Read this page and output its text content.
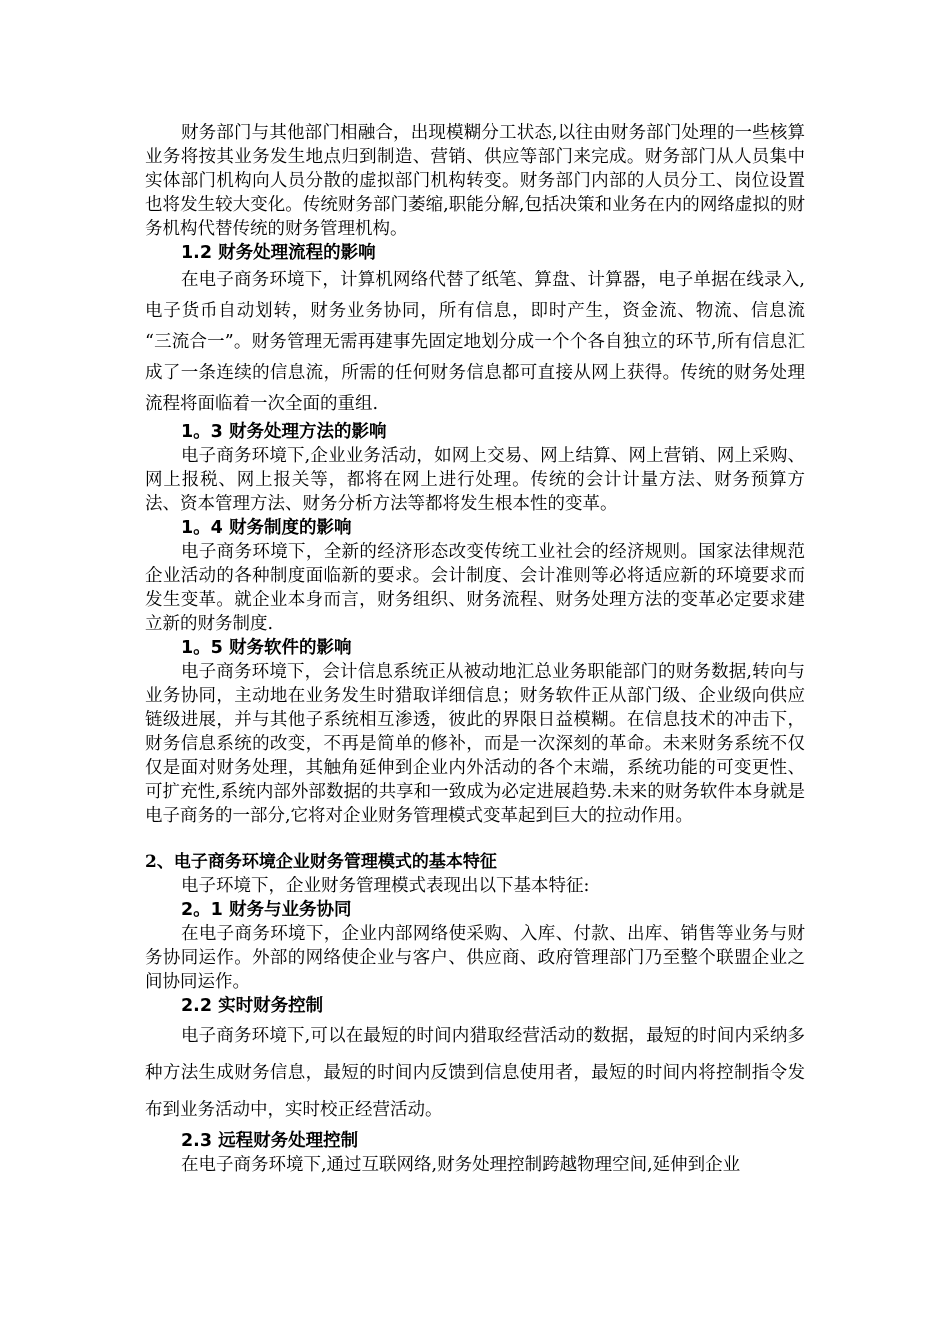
财务部门与其他部门相融合，出现模糊分工状态,以往由财务部门处理的一些核算业务将按其业务发生地点归到制造、营销、供应等部门来完成。财务部门从人员集中实体部门机构向人员分散的虚拟部门机构转变。财务部门内部的人员分工、岗位设置也将发生较大变化。传统财务部门萎缩,职能分解,包括决策和业务在内的网络虚拟的财务机构代替传统的财务管理机构。

1.2 财务处理流程的影响

在电子商务环境下，计算机网络代替了纸笔、算盘、计算器，电子单据在线录入,电子货币自动划转，财务业务协同，所有信息，即时产生，资金流、物流、信息流 “三流合一”。财务管理无需再建事先固定地划分成一个个各自独立的环节,所有信息汇成了一条连续的信息流，所需的任何财务信息都可直接从网上获得。传统的财务处理流程将面临着一次全面的重组.

1。3 财务处理方法的影响

电子商务环境下,企业业务活动，如网上交易、网上结算、网上营销、网上采购、网上报税、网上报关等，都将在网上进行处理。传统的会计计量方法、财务预算方法、资本管理方法、财务分析方法等都将发生根本性的变革。

1。4 财务制度的影响

电子商务环境下，全新的经济形态改变传统工业社会的经济规则。国家法律规范企业活动的各种制度面临新的要求。会计制度、会计准则等必将适应新的环境要求而发生变革。就企业本身而言，财务组织、财务流程、财务处理方法的变革必定要求建立新的财务制度.

1。5 财务软件的影响

电子商务环境下，会计信息系统正从被动地汇总业务职能部门的财务数据,转向与业务协同，主动地在业务发生时猎取详细信息；财务软件正从部门级、企业级向供应链级进展，并与其他子系统相互渗透，彼此的界限日益模糊。在信息技术的冲击下，财务信息系统的改变，不再是简单的修补，而是一次深刻的革命。未来财务系统不仅仅是面对财务处理，其触角延伸到企业内外活动的各个末端，系统功能的可变更性、可扩充性,系统内部外部数据的共享和一致成为必定进展趋势.未来的财务软件本身就是电子商务的一部分,它将对企业财务管理模式变革起到巨大的拉动作用。

2、电子商务环境企业财务管理模式的基本特征

电子环境下，企业财务管理模式表现出以下基本特征:

2。1 财务与业务协同

在电子商务环境下，企业内部网络使采购、入库、付款、出库、销售等业务与财务协同运作。外部的网络使企业与客户、供应商、政府管理部门乃至整个联盟企业之间协同运作。

2.2 实时财务控制

电子商务环境下,可以在最短的时间内猎取经营活动的数据，最短的时间内采纳多种方法生成财务信息，最短的时间内反馈到信息使用者，最短的时间内将控制指令发布到业务活动中，实时校正经营活动。

2.3 远程财务处理控制

在电子商务环境下,通过互联网络,财务处理控制跨越物理空间,延伸到企业
